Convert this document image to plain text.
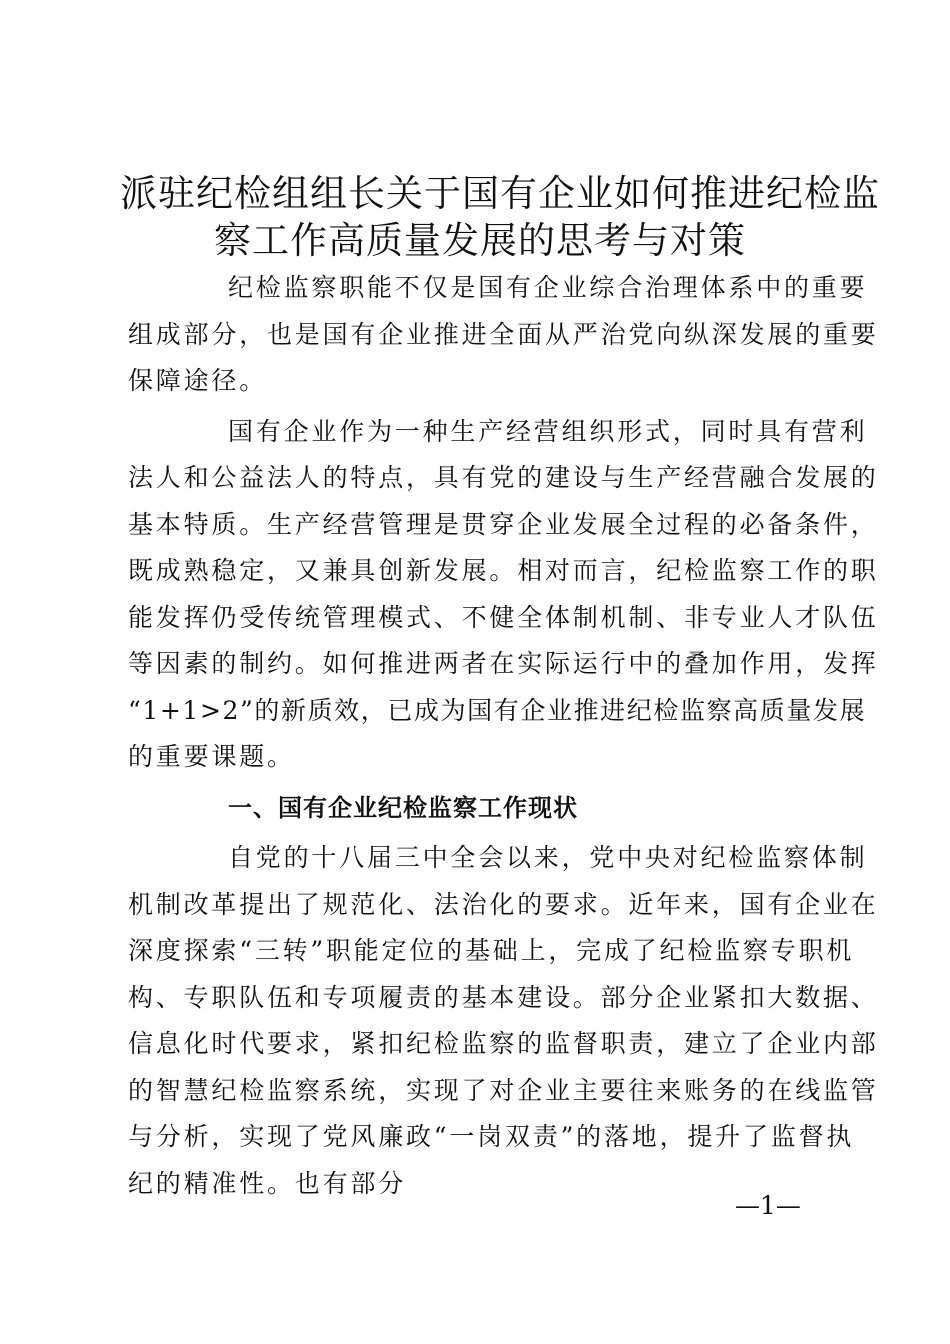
派驻纪检组组长关于国有企业如何推进纪检监
察工作高质量发展的思考与对策
纪检监察职能不仅是国有企业综合治理体系中的重要
组成部分，也是国有企业推进全面从严治党向纵深发展的重要
保障途径。
国有企业作为一种生产经营组织形式，同时具有营利
法人和公益法人的特点，具有党的建设与生产经营融合发展的
基本特质。生产经营管理是贯穿企业发展全过程的必备条件，
既成熟稳定，又兼具创新发展。相对而言，纪检监察工作的职
能发挥仍受传统管理模式、不健全体制机制、非专业人才队伍
等因素的制约。如何推进两者在实际运行中的叠加作用，发挥
“1+1>2”的新质效，已成为国有企业推进纪检监察高质量发展
的重要课题。
一、国有企业纪检监察工作现状
自党的十八届三中全会以来，党中央对纪检监察体制
机制改革提出了规范化、法治化的要求。近年来，国有企业在
深度探索“三转”职能定位的基础上，完成了纪检监察专职机
构、专职队伍和专项履责的基本建设。部分企业紧扣大数据、
信息化时代要求，紧扣纪检监察的监督职责，建立了企业内部
的智慧纪检监察系统，实现了对企业主要往来账务的在线监管
与分析，实现了党风廉政“一岗双责”的落地，提升了监督执
纪的精准性。也有部分
—1—
